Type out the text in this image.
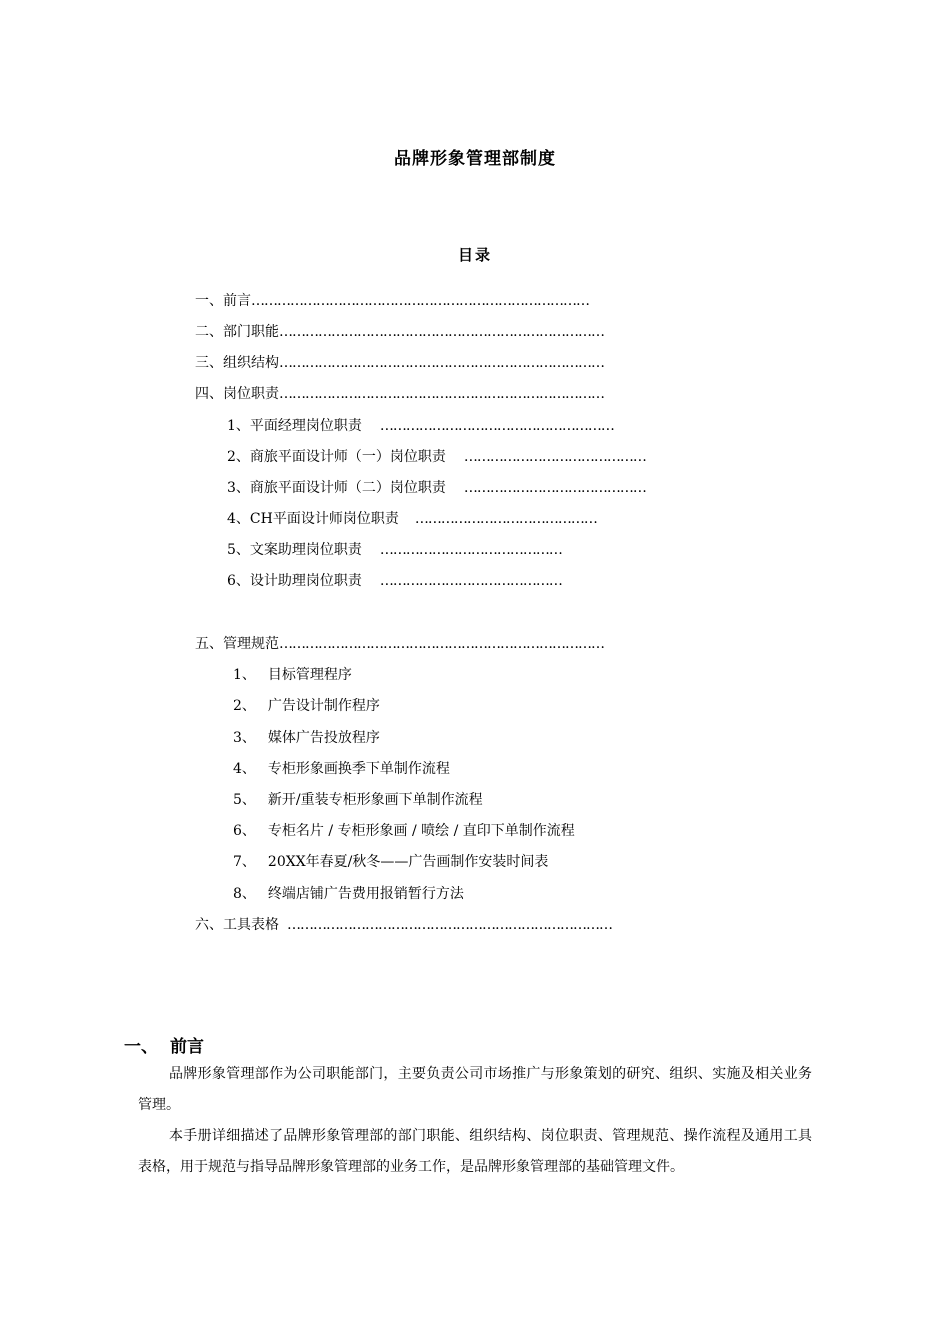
品牌形象管理部制度
目录
一、前言……………………………………………………………………
二、部门职能…………………………………………………………………
三、组织结构…………………………………………………………………
四、岗位职责…………………………………………………………………
1、平面经理岗位职责 ………………………………………………
2、商旅平面设计师（一）岗位职责 ……………………………………
3、商旅平面设计师（二）岗位职责 ……………………………………
4、CH平面设计师岗位职责 ……………………………………
5、文案助理岗位职责 ……………………………………
6、设计助理岗位职责 ……………………………………
五、管理规范…………………………………………………………………
1、 目标管理程序
2、 广告设计制作程序
3、 媒体广告投放程序
4、 专柜形象画换季下单制作流程
5、 新开/重装专柜形象画下单制作流程
6、 专柜名片 / 专柜形象画 / 喷绘 / 直印下单制作流程
7、 20XX年春夏/秋冬——广告画制作安装时间表
8、 终端店铺广告费用报销暂行方法
六、工具表格 …………………………………………………………………
一、 前言
品牌形象管理部作为公司职能部门，主要负责公司市场推广与形象策划的研究、组织、实施及相关业务管理。
本手册详细描述了品牌形象管理部的部门职能、组织结构、岗位职责、管理规范、操作流程及通用工具表格，用于规范与指导品牌形象管理部的业务工作，是品牌形象管理部的基础管理文件。
